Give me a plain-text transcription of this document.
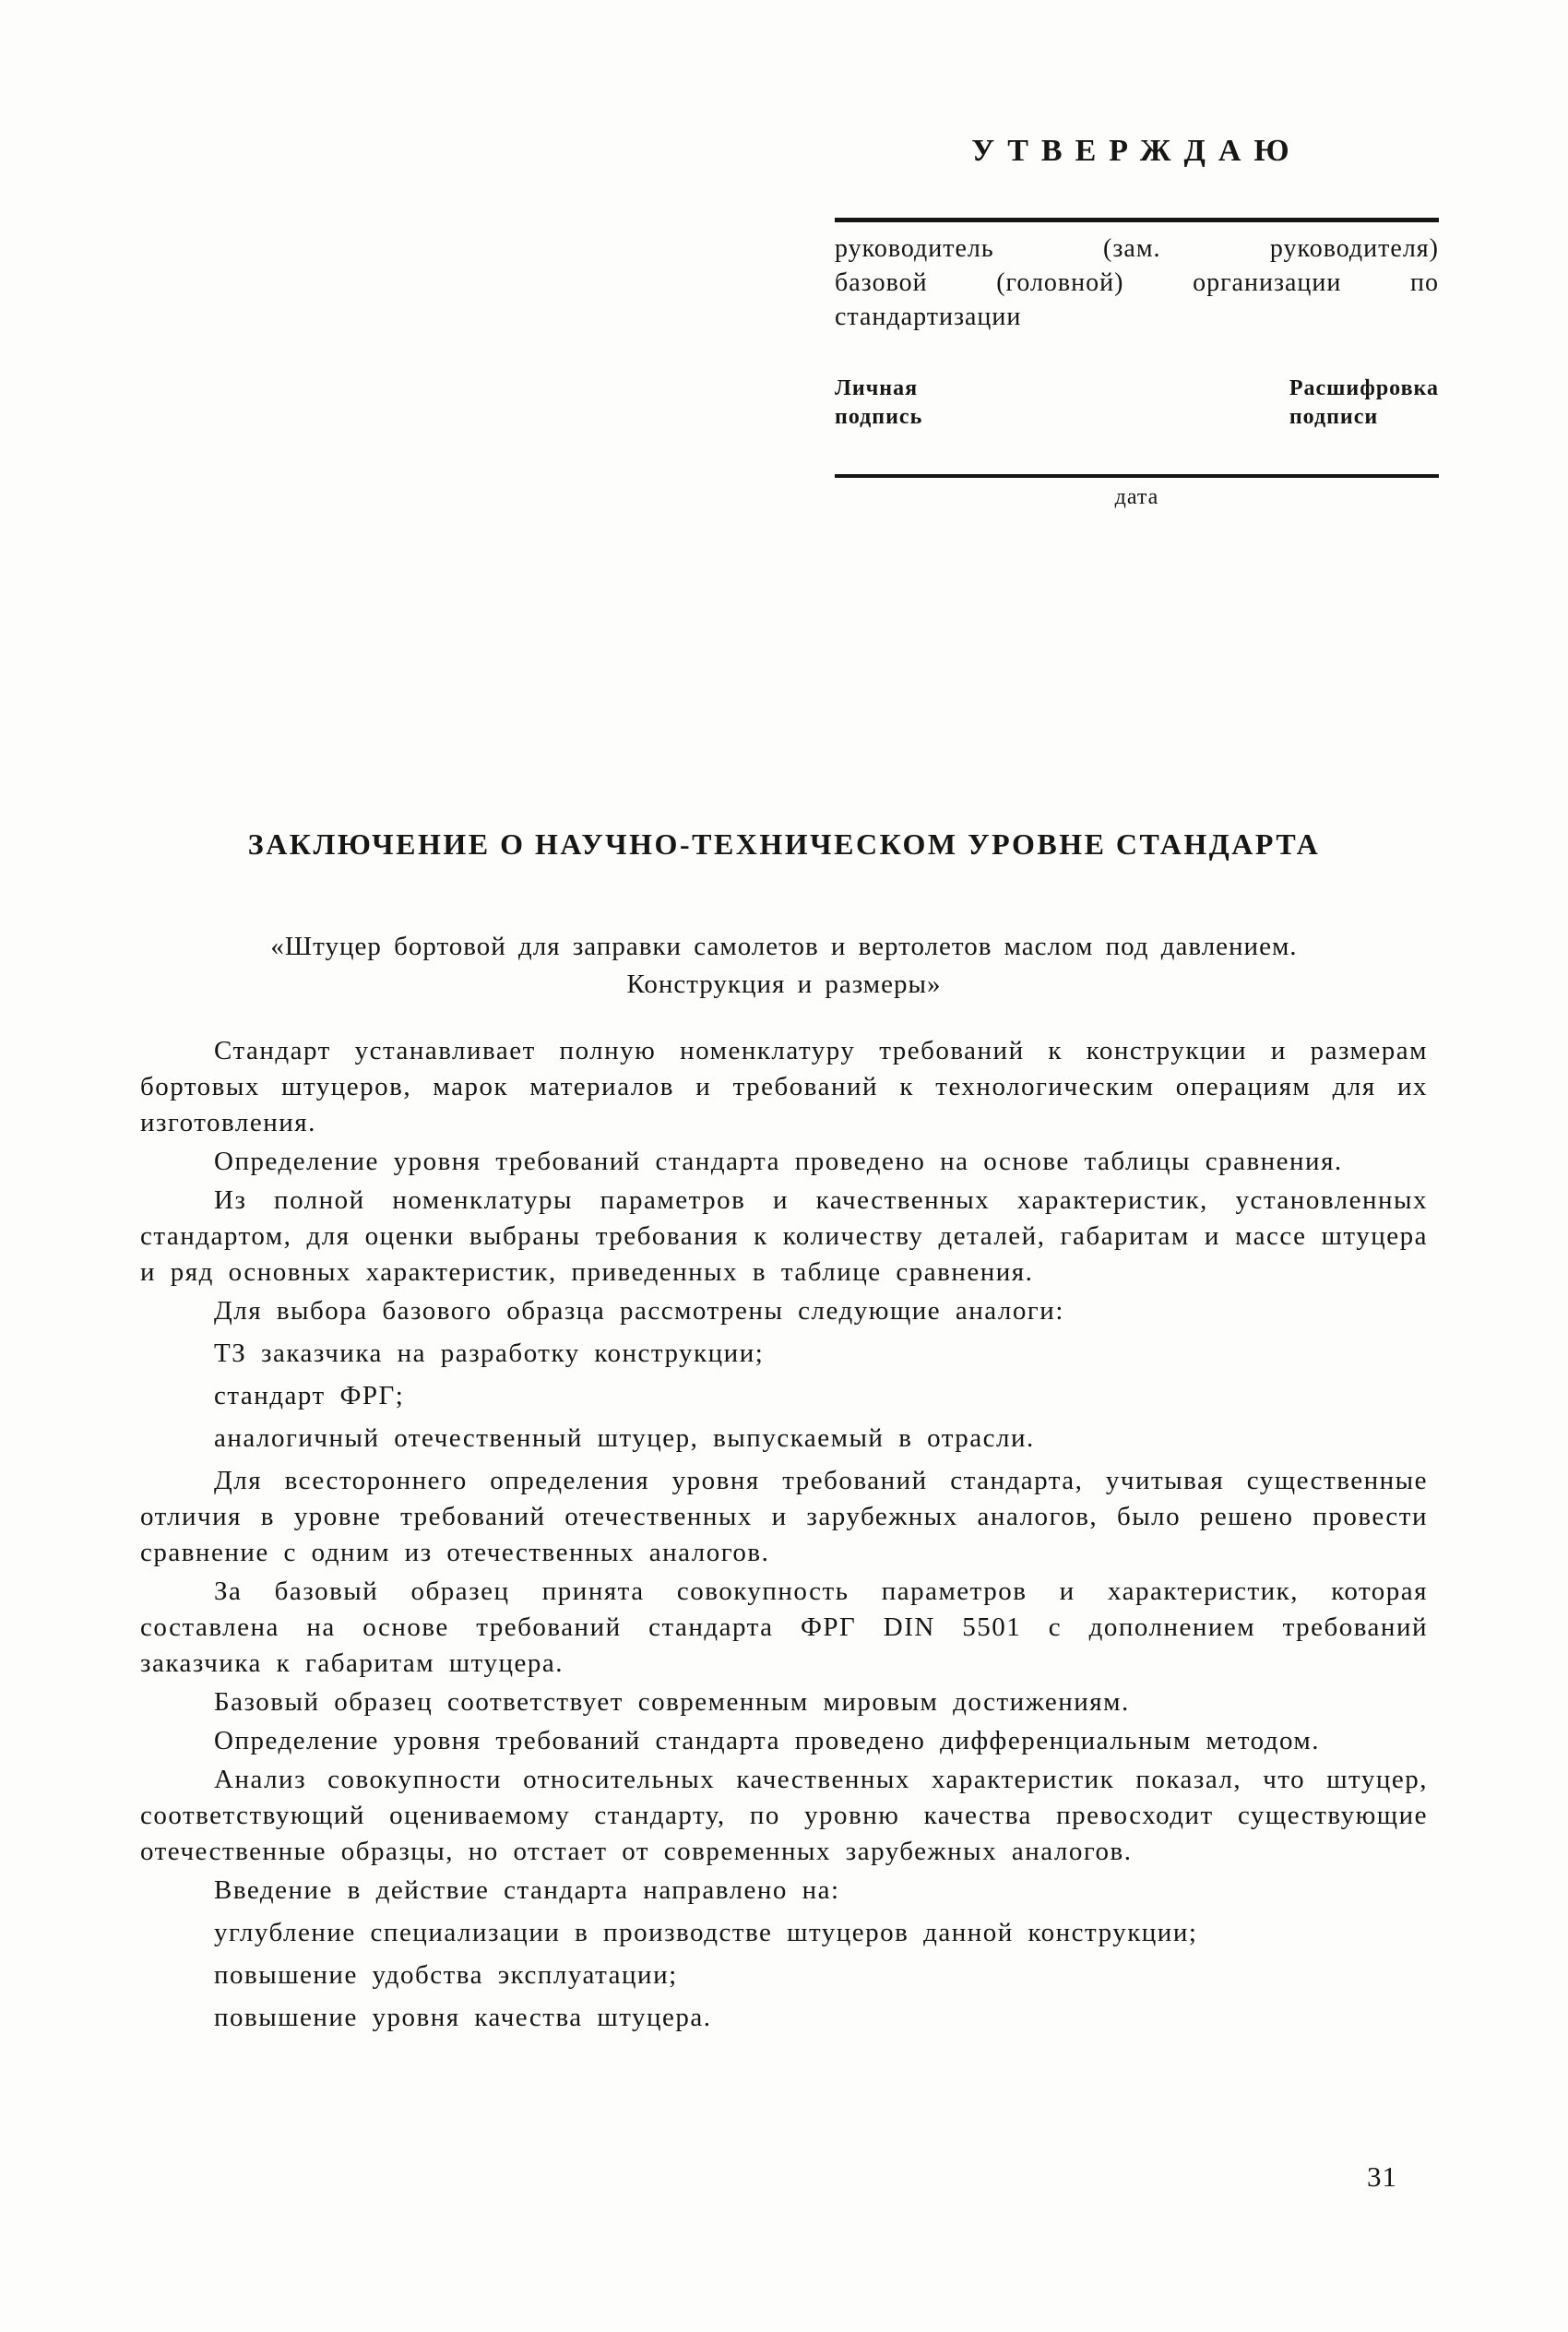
УТВЕРЖДАЮ
руководитель (зам. руководителя)
базовой (головной) организации по
стандартизации
Личная
подпись
Расшифровка
подписи
дата
ЗАКЛЮЧЕНИЕ О НАУЧНО-ТЕХНИЧЕСКОМ УРОВНЕ СТАНДАРТА
«Штуцер бортовой для заправки самолетов и вертолетов маслом под давлением.
Конструкция и размеры»

Стандарт устанавливает полную номенклатуру требований к конструкции и размерам бортовых штуцеров, марок материалов и требований к технологическим операциям для их изготовления.

Определение уровня требований стандарта проведено на основе таблицы сравнения.

Из полной номенклатуры параметров и качественных характеристик, установленных стандартом, для оценки выбраны требования к количеству деталей, габаритам и массе штуцера и ряд основных характеристик, приведенных в таблице сравнения.

Для выбора базового образца рассмотрены следующие аналоги:

ТЗ заказчика на разработку конструкции;

стандарт ФРГ;

аналогичный отечественный штуцер, выпускаемый в отрасли.

Для всестороннего определения уровня требований стандарта, учитывая существенные отличия в уровне требований отечественных и зарубежных аналогов, было решено провести сравнение с одним из отечественных аналогов.

За базовый образец принята совокупность параметров и характеристик, которая составлена на основе требований стандарта ФРГ DIN 5501 с дополнением требований заказчика к габаритам штуцера.

Базовый образец соответствует современным мировым достижениям.

Определение уровня требований стандарта проведено дифференциальным методом.

Анализ совокупности относительных качественных характеристик показал, что штуцер, соответствующий оцениваемому стандарту, по уровню качества превосходит существующие отечественные образцы, но отстает от современных зарубежных аналогов.

Введение в действие стандарта направлено на:

углубление специализации в производстве штуцеров данной конструкции;

повышение удобства эксплуатации;

повышение уровня качества штуцера.

31
